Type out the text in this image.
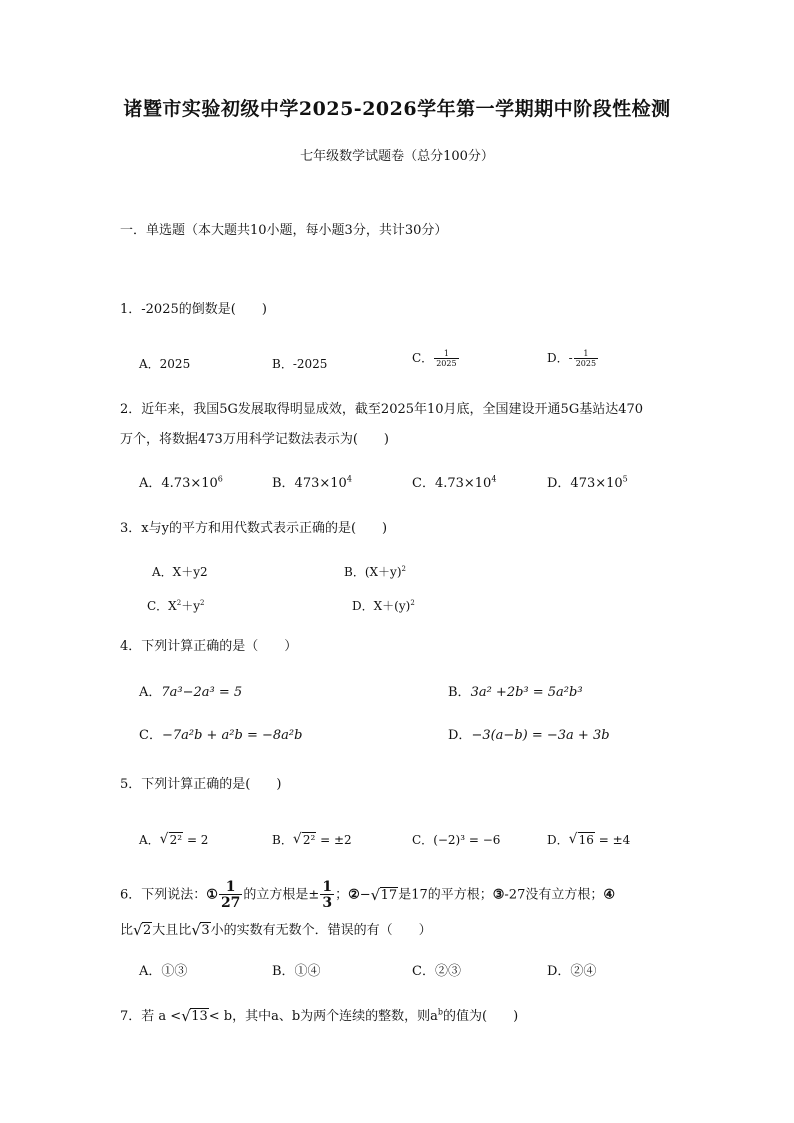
诸暨市实验初级中学2025-2026学年第一学期期中阶段性检测
七年级数学试题卷（总分100分）
一．单选题（本大题共10小题，每小题3分，共计30分）
1．-2025的倒数是(　　)
A．2025	B．-2025	C． $\frac{1}{2025}$	D．- $\frac{1}{2025}$
2．近年来，我国5G发展取得明显成效，截至2025年10月底，全国建设开通5G基站达470
万个，将数据473万用科学记数法表示为(　　)
A．$4.73\times 10^6$	B．$473\times 10^4$	C．$4.73\times 10^4$	D．$473\times 10^5$
3．x与y的平方和用代数式表示正确的是(　　)
A．X＋y2	B．$(X+y)^2$
C．$X^2+y^2$	D．$X+(y)^2$
4．下列计算正确的是（　　）
A．7a³−2a³ = 5	B．3a² +2b³ = 5a²b³
C．−7a²b + a²b = −8a²b	D．−3(a−b) = −3a + 3b
5．下列计算正确的是(　　)
A． √ 2² = 2	B． √ 2² = ±2	C．(−2)³ = −6	D． √ 16 = ±4
6．下列说法：① $\frac{1}{27}$ 的立方根是± $\frac{1}{3}$ ；②− √ 17是17的平方根；③-27没有立方根；④
比 √ 2大且比 √ 3小的实数有无数个．错误的有（　　）
A．①③	B．①④	C．②③	D．②④
7．若 a < √ 13< b，其中a、b为两个连续的整数，则$a^b$的值为(　　)
